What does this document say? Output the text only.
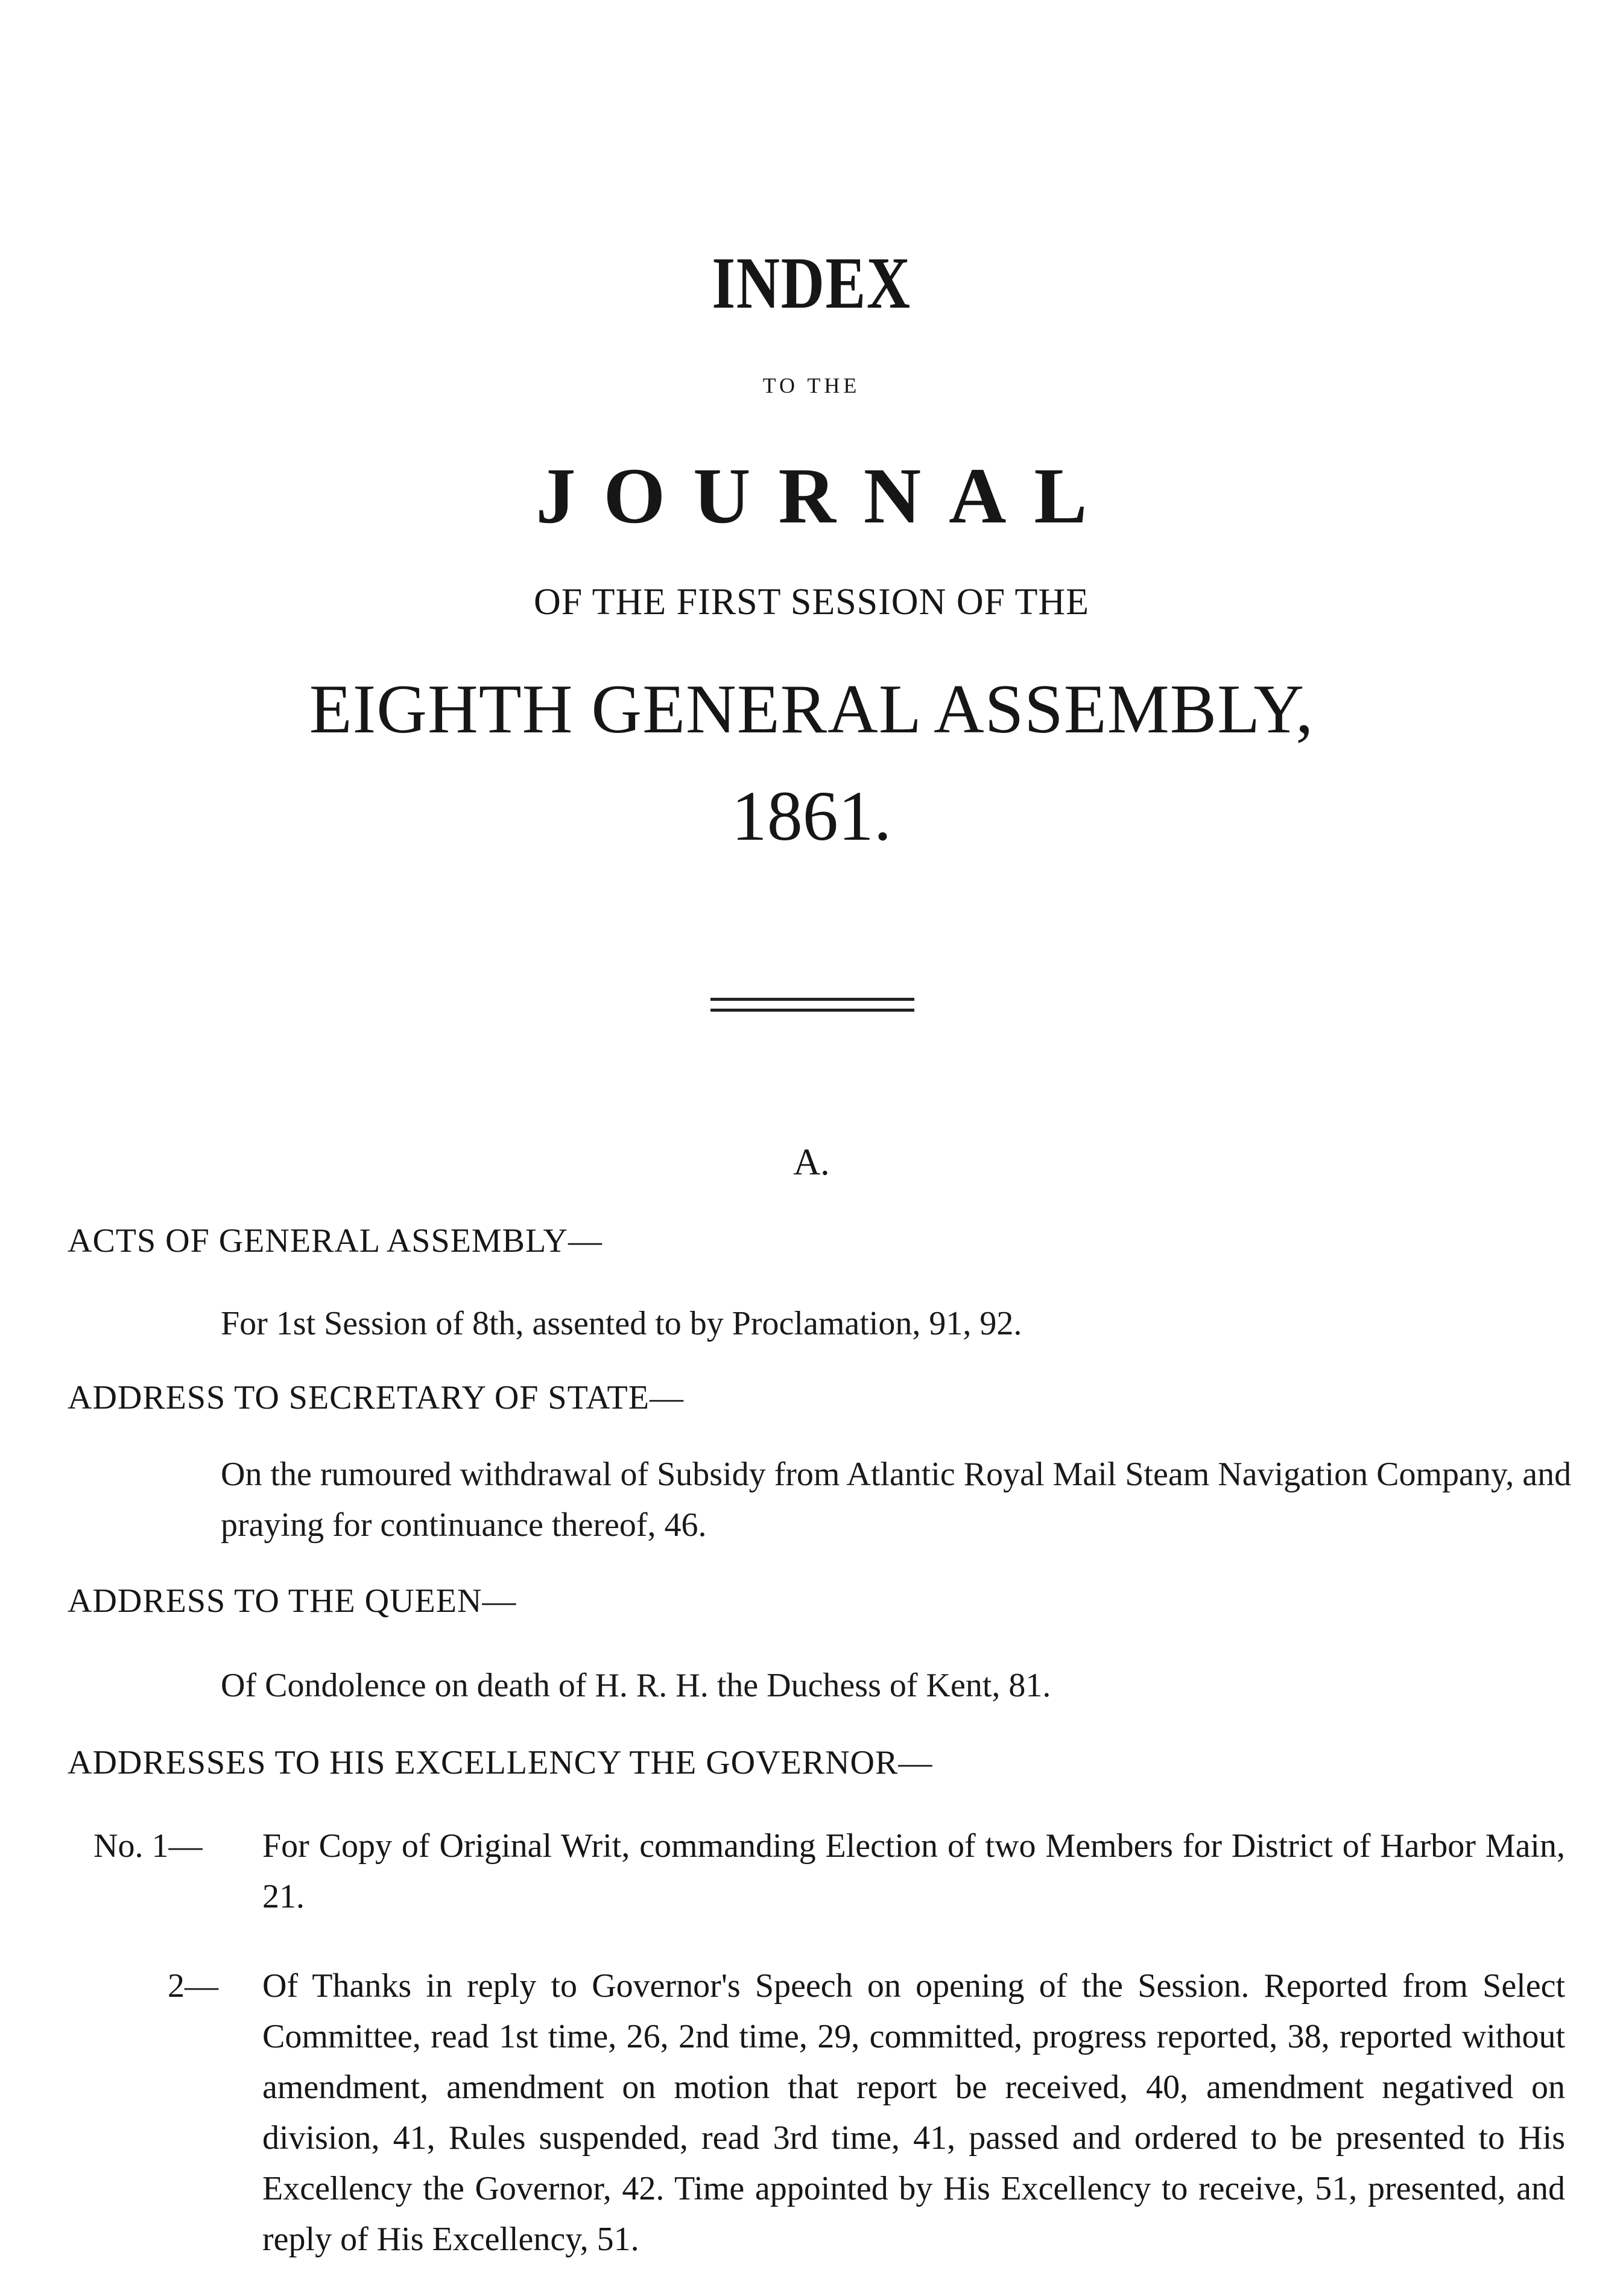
INDEX
TO THE
JOURNAL
OF THE FIRST SESSION OF THE
EIGHTH GENERAL ASSEMBLY,
1861.
A.
ACTS OF GENERAL ASSEMBLY—
For 1st Session of 8th, assented to by Proclamation, 91, 92.
ADDRESS TO SECRETARY OF STATE—
On the rumoured withdrawal of Subsidy from Atlantic Royal Mail Steam Navigation Company, and praying for continuance thereof, 46.
ADDRESS TO THE QUEEN—
Of Condolence on death of H. R. H. the Duchess of Kent, 81.
ADDRESSES TO HIS EXCELLENCY THE GOVERNOR—
No. 1— For Copy of Original Writ, commanding Election of two Members for District of Harbor Main, 21.
2— Of Thanks in reply to Governor's Speech on opening of the Session. Reported from Select Committee, read 1st time, 26, 2nd time, 29, committed, progress reported, 38, reported without amendment, amendment on motion that report be received, 40, amendment negatived on division, 41, Rules suspended, read 3rd time, 41, passed and ordered to be presented to His Excellency the Governor, 42. Time appointed by His Excellency to receive, 51, presented, and reply of His Excellency, 51.
